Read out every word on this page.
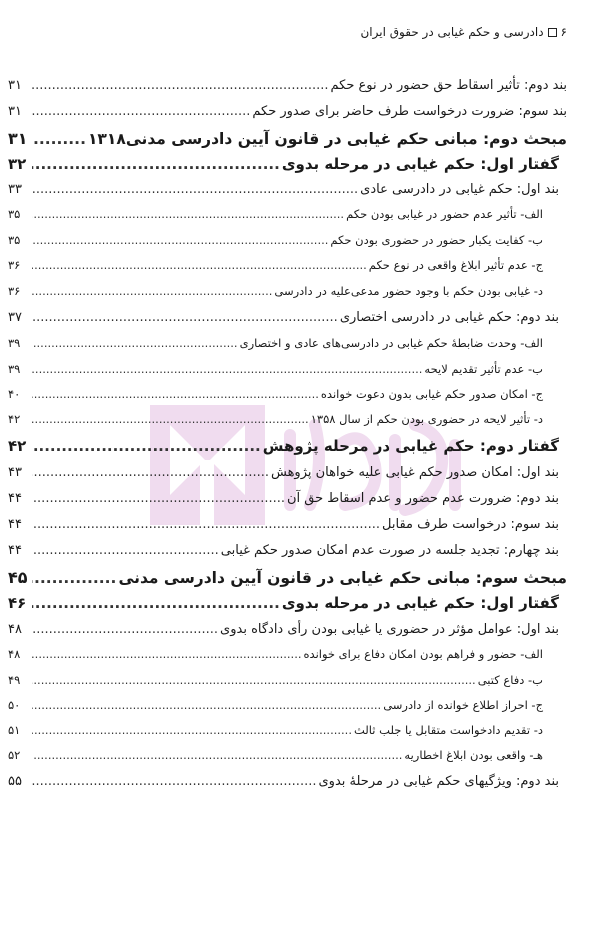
۶
دادرسی و حکم غیابی در حقوق ایران
بند دوم: تأثیر اسقاط حق حضور در نوع حکم
.....
۳۱
بند سوم: ضرورت درخواست طرف حاضر برای صدور حکم
.....
۳۱
مبحث دوم: مبانی حکم غیابی در قانون آیین دادرسی مدنی۱۳۱۸
.....
۳۱
گفتار اول: حکم غیابی در مرحله بدوی
.....
۳۲
بند اول: حکم غیابی در دادرسی عادی
.....
۳۳
الف- تأثیر عدم حضور در غیابی بودن حکم
.....
۳۵
ب- کفایت یکبار حضور در حضوری بودن حکم
.....
۳۵
ج- عدم تأثیر ابلاغ واقعی در نوع حکم
.....
۳۶
د- غیابی بودن حکم با وجود حضور مدعی‌علیه در دادرسی
.....
۳۶
بند دوم: حکم غیابی در دادرسی اختصاری
.....
۳۷
الف- وحدت ضابطهٔ حکم غیابی در دادرسی‌های عادی و اختصاری
.....
۳۹
ب- عدم تأثیر تقدیم لایحه
.....
۳۹
ج- امکان صدور حکم غیابی بدون دعوت خوانده
.....
۴۰
د- تأثیر لایحه در حضوری بودن حکم از سال ۱۳۵۸
.....
۴۲
گفتار دوم: حکم غیابی در مرحله پژوهش
.....
۴۲
بند اول: امکان صدور حکم غیابی علیه خواهان پژوهش
.....
۴۳
بند دوم: ضرورت عدم حضور و عدم اسقاط حق آن
.....
۴۴
بند سوم: درخواست طرف مقابل
.....
۴۴
بند چهارم: تجدید جلسه در صورت عدم امکان صدور حکم غیابی
.....
۴۴
مبحث سوم: مبانی حکم غیابی در قانون آیین دادرسی مدنی
.....
۴۵
گفتار اول: حکم غیابی در مرحله بدوی
.....
۴۶
بند اول: عوامل مؤثر در حضوری یا غیابی بودن رأی دادگاه بدوی
.....
۴۸
الف- حضور و فراهم بودن امکان دفاع برای خوانده
.....
۴۸
ب- دفاع کتبی
.....
۴۹
ج- احراز اطلاع خوانده از دادرسی
.....
۵۰
د- تقدیم دادخواست متقابل یا جلب ثالث
.....
۵۱
هـ- واقعی بودن ابلاغ اخطاریه
.....
۵۲
بند دوم: ویژگیهای حکم غیابی در مرحلهٔ بدوی
.....
۵۵
